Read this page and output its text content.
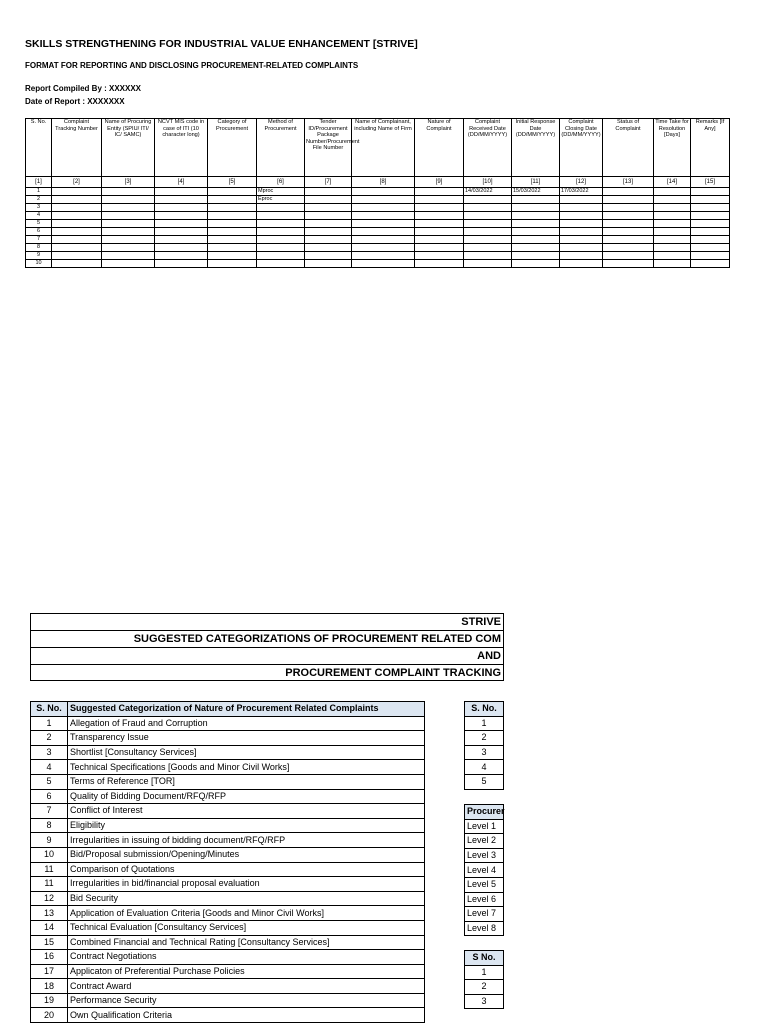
SKILLS STRENGTHENING FOR INDUSTRIAL VALUE ENHANCEMENT [STRIVE]
FORMAT FOR REPORTING AND DISCLOSING PROCUREMENT-RELATED COMPLAINTS
Report Compiled By : XXXXXX
Date of Report : XXXXXXX
S. No.	Complaint Tracking Number	Name of Procuring Entity (SPIU/ ITI/ IC/ SAMC)	NCVT MIS code in case of ITI (10 character long)	Category of Procurement	Method of Procurement	Tender ID/Procurement Package Number/Procurement File Number	Name of Complainant, including Name of Firm	Nature of Complaint	Complaint Received Date (DD/MM/YYYY)	Initial Response Date (DD/MM/YYYY)	Complaint Closing Date (DD/MM/YYYY)	Status of Complaint	Time Take for Resolution [Days]	Remarks [If Any]
[1]	[2]	[3]	[4]	[5]	[6]	[7]	[8]	[9]	[10]	[11]	[12]	[13]	[14]	[15]
1					Mproc				14/03/2022	15/03/2022	17/03/2022			
2					Eproc									
3														
4														
5														
6														
7														
8														
9														
10														
STRIVE
SUGGESTED CATEGORIZATIONS OF PROCUREMENT RELATED COM
AND
PROCUREMENT COMPLAINT TRACKING
S. No.	Suggested Categorization of Nature of Procurement Related Complaints
1	Allegation of Fraud and Corruption
2	Transparency Issue
3	Shortlist [Consultancy Services]
4	Technical Specifications [Goods and Minor Civil Works]
5	Terms of Reference [TOR]
6	Quality of Bidding Document/RFQ/RFP
7	Conflict of Interest
8	Eligibility
9	Irregularities in issuing of bidding document/RFQ/RFP
10	Bid/Proposal submission/Opening/Minutes
11	Comparison of Quotations
11	Irregularities in bid/financial proposal evaluation
12	Bid Security
13	Application of Evaluation Criteria [Goods and Minor Civil Works]
14	Technical Evaluation [Consultancy Services]
15	Combined Financial and Technical Rating [Consultancy Services]
16	Contract Negotiations
17	Applicaton of Preferential Purchase Policies
18	Contract Award
19	Performance Security
20	Own Qualification Criteria
S. No.
1
2
3
4
5
Procurer
Level 1
Level 2
Level 3
Level 4
Level 5
Level 6
Level 7
Level 8
S No.
1
2
3
